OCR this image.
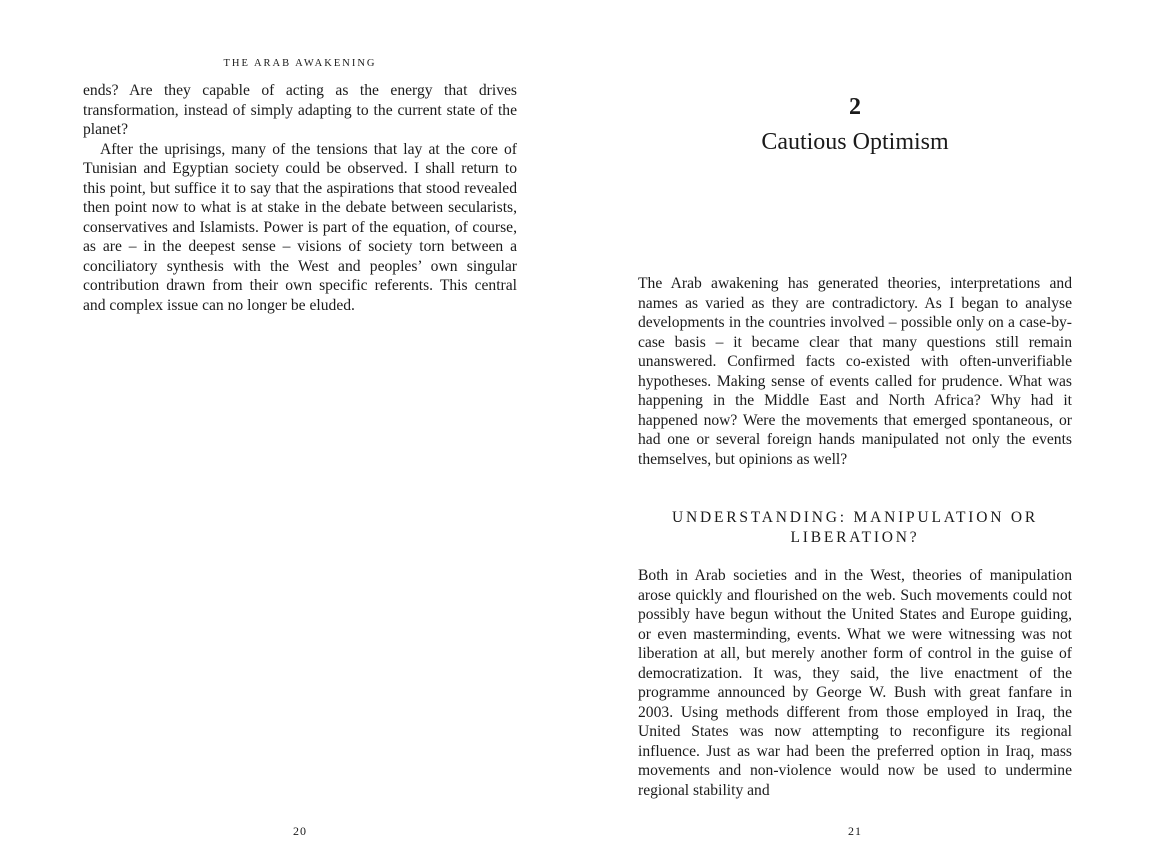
THE ARAB AWAKENING

ends? Are they capable of acting as the energy that drives transformation, instead of simply adapting to the current state of the planet?

After the uprisings, many of the tensions that lay at the core of Tunisian and Egyptian society could be observed. I shall return to this point, but suffice it to say that the aspirations that stood revealed then point now to what is at stake in the debate between secularists, conservatives and Islamists. Power is part of the equation, of course, as are – in the deepest sense – visions of society torn between a conciliatory synthesis with the West and peoples’ own singular contribution drawn from their own specific referents. This central and complex issue can no longer be eluded.

20
2
Cautious Optimism

The Arab awakening has generated theories, interpretations and names as varied as they are contradictory. As I began to analyse developments in the countries involved – possible only on a case-by-case basis – it became clear that many questions still remain unanswered. Confirmed facts co-existed with often-unverifiable hypotheses. Making sense of events called for prudence. What was happening in the Middle East and North Africa? Why had it happened now? Were the movements that emerged spontaneous, or had one or several foreign hands manipulated not only the events themselves, but opinions as well?

UNDERSTANDING: MANIPULATION OR LIBERATION?

Both in Arab societies and in the West, theories of manipulation arose quickly and flourished on the web. Such movements could not possibly have begun without the United States and Europe guiding, or even masterminding, events. What we were witnessing was not liberation at all, but merely another form of control in the guise of democratization. It was, they said, the live enactment of the programme announced by George W. Bush with great fanfare in 2003. Using methods different from those employed in Iraq, the United States was now attempting to reconfigure its regional influence. Just as war had been the preferred option in Iraq, mass movements and non-violence would now be used to undermine regional stability and

21
